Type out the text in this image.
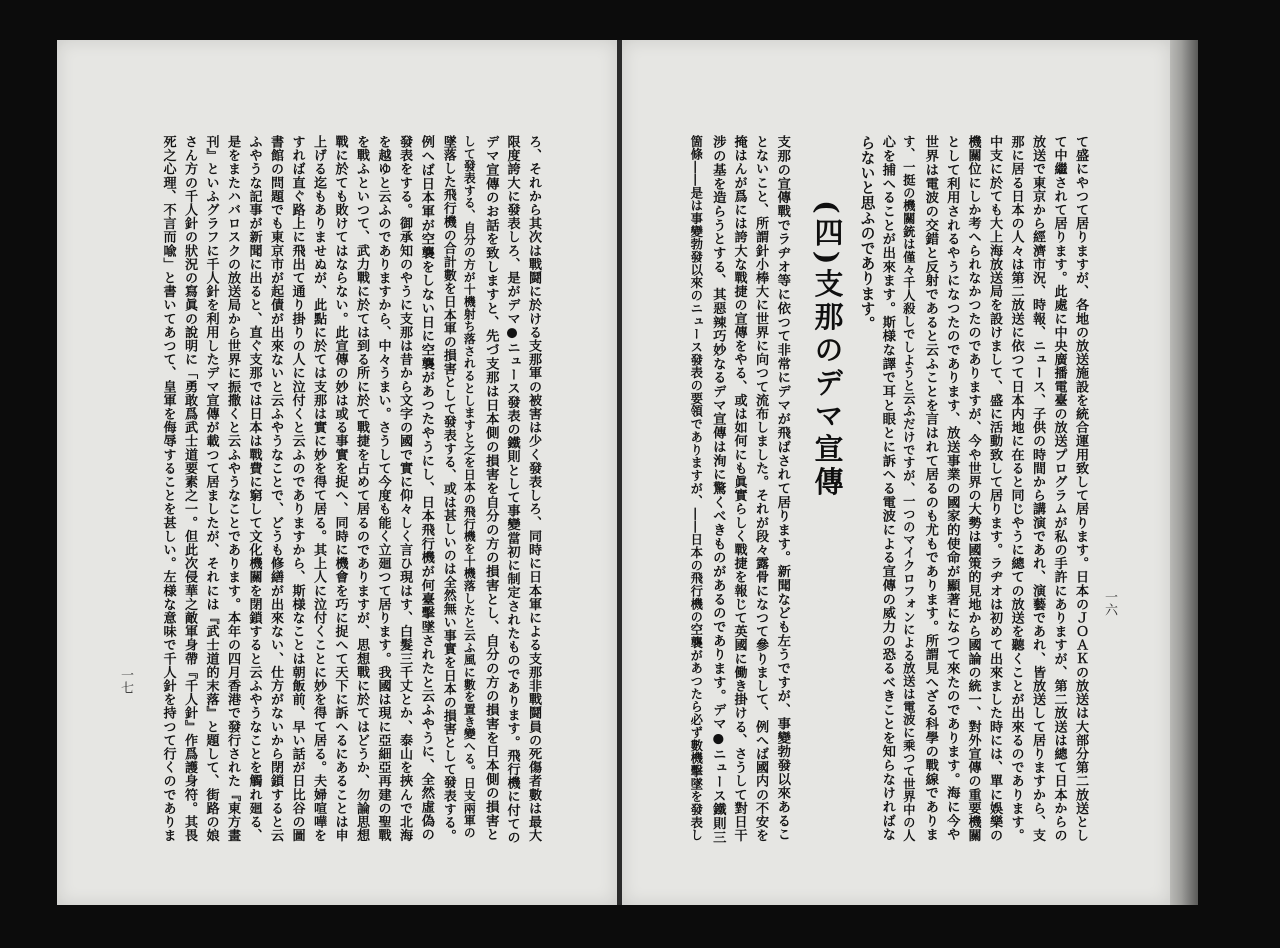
ろ、それから其次は戰鬪に於ける支那軍の被害は少く發表しろ、同時に日本軍による支那非戰鬪員の死傷者數は最大
限度誇大に發表しろ、是がデマ●ニュース發表の鐵則として事變當初に制定されたものであります。飛行機に付ての
デマ宣傳のお話を致しますと、先づ支那は日本側の損害を自分の方の損害とし、自分の方の損害を日本側の損害と
して發表する、自分の方が十機射ち落されるとしますと之を日本の飛行機を十機落したと云ふ風に數を置き變へる。日支兩軍の
墜落した飛行機の合計數を日本軍の損害として發表する、或は甚しいのは全然無い事實を日本の損害として發表する。
例へば日本軍が空襲をしない日に空襲があつたやうにし、日本飛行機が何臺擊墜されたと云ふやうに、全然虛偽の
發表をする。御承知のやうに支那は昔から文字の國で實に仰々しく言ひ現はす、白髮三千丈とか、泰山を挾んで北海
を越ゆと云ふのでありますから、中々うまい。さうして今度も能く立廻つて居ります。我國は現に亞細亞再建の聖戰
を戰ふといつて、武力戰に於ては到る所に於て戰捷を占めて居るのでありますが、思想戰に於てはどうか、勿論思想
戰に於ても敗けてはならない。此宣傳の妙は或る事實を捉へ、同時に機會を巧に捉へて天下に訴へるにあることは申
上げる迄もありませぬが、此點に於ては支那は實に妙を得て居る。其上人に泣付くことに妙を得て居る。夫婦喧嘩を
すれば直ぐ路上に飛出て通り掛りの人に泣付くと云ふのでありますから、斯様なことは朝飯前、早い話が日比谷の圖
書館の問題でも東京市が起債が出來ないと云ふやうなことで、どうも修繕が出來ない、仕方がないから閉鎖すると云
ふやうな記事が新聞に出ると、直ぐ支那では日本は戰費に窮して文化機關を閉鎖すると云ふやうなことを觸れ廻る、
是をまたハバロスクの放送局から世界に振撒くと云ふやうなことであります。本年の四月香港で發行された『東方畫
刊』といふグラフに千人針を利用したデマ宣傳が載つて居ましたが、それには『武士道的末落』と題して、街路の娘
さん方の千人針の狀況の寫眞の說明に「勇敢爲武士道要素之一。但此次侵華之敵軍身帶『千人針』作爲護身符。其畏
死之心理、不言而喩」と書いてあつて、皇軍を侮辱することを甚しい。左様な意味で千人針を持つて行くのでありま	て盛にやつて居りますが、各地の放送施設を統合運用致して居ります。日本のＪＯＡＫの放送は大部分第二放送とし
て中繼されて居ります。此處に中央廣播電臺の放送プログラムが私の手許にありますが、第二放送は總て日本からの
放送で東京から經濟市況、時報、ニュース、子供の時間から講演であれ、演藝であれ、皆放送して居りますから、支
那に居る日本の人々は第二放送に依つて日本内地に在ると同じやうに總ての放送を聽くことが出來るのであります。
中支に於ても大上海放送局を設けまして、盛に活動致して居ります。ラヂオは初めて出來ました時には、單に娛樂の
機關位にしか考へられなかつたのでありますが、今や世界の大勢は國策的見地から國論の統一、對外宣傳の重要機關
として利用されるやうになつたのであります、放送事業の國家的使命が顯著になつて來たのであります。海に今や
世界は電波の交錯と反射であると云ふことを言はれて居るのも尤もであります。所謂見へざる科學の戰線でありま
す、一挺の機關銃は僅々千人殺しでしようと云ふだけですが、一つのマイクロフォンによる放送は電波に乘つて世界中の人
心を捕へることが出來ます。斯様な譯で耳と眼とに訴へる電波による宣傳の威力の恐るべきことを知らなければな
らないと思ふのであります。
(四)支那のデマ宣傳
支那の宣傳戰でラヂオ等に依つて非常にデマが飛ばされて居ります。新聞なども左うですが、事變勃發以來あるこ
とないこと、所謂針小棒大に世界に向つて流布しました。それが段々露骨になつて參りまして、例へば國内の不安を
掩はんが爲には誇大な戰捷の宣傳をやる、或は如何にも眞實らしく戰捷を報じて英國に働き掛ける、さうして對日干
涉の基を造らうとする、其惡辣巧妙なるデマ宣傳は洵に驚くべきものがあるのであります。デマ●ニュース鐵則三
箇條――是は事變勃發以來のニュース發表の要領でありますが、――日本の飛行機の空襲があつたら必ず數機擊墜を發表し
一七
一六
